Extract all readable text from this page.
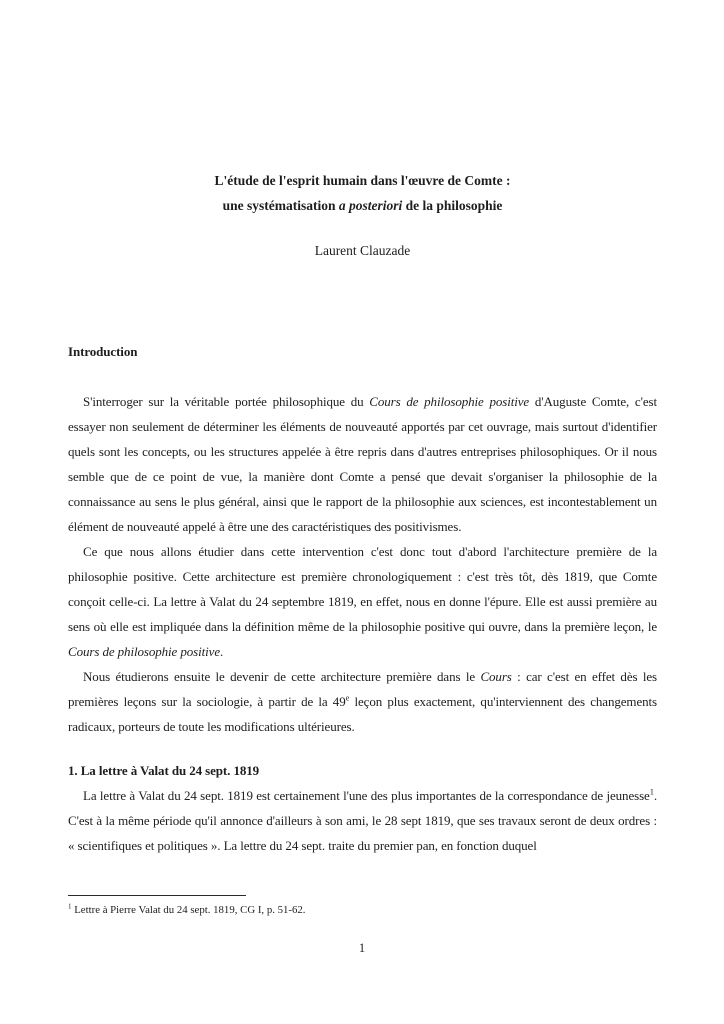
L'étude de l'esprit humain dans l'œuvre de Comte :
une systématisation a posteriori de la philosophie
Laurent Clauzade
Introduction

S'interroger sur la véritable portée philosophique du Cours de philosophie positive d'Auguste Comte, c'est essayer non seulement de déterminer les éléments de nouveauté apportés par cet ouvrage, mais surtout d'identifier quels sont les concepts, ou les structures appelée à être repris dans d'autres entreprises philosophiques. Or il nous semble que de ce point de vue, la manière dont Comte a pensé que devait s'organiser la philosophie de la connaissance au sens le plus général, ainsi que le rapport de la philosophie aux sciences, est incontestablement un élément de nouveauté appelé à être une des caractéristiques des positivismes.

Ce que nous allons étudier dans cette intervention c'est donc tout d'abord l'architecture première de la philosophie positive. Cette architecture est première chronologiquement : c'est très tôt, dès 1819, que Comte conçoit celle-ci. La lettre à Valat du 24 septembre 1819, en effet, nous en donne l'épure. Elle est aussi première au sens où elle est impliquée dans la définition même de la philosophie positive qui ouvre, dans la première leçon, le Cours de philosophie positive.

Nous étudierons ensuite le devenir de cette architecture première dans le Cours : car c'est en effet dès les premières leçons sur la sociologie, à partir de la 49e leçon plus exactement, qu'interviennent des changements radicaux, porteurs de toute les modifications ultérieures.

1. La lettre à Valat du 24 sept. 1819

La lettre à Valat du 24 sept. 1819 est certainement l'une des plus importantes de la correspondance de jeunesse$^1$. C'est à la même période qu'il annonce d'ailleurs à son ami, le 28 sept 1819, que ses travaux seront de deux ordres : « scientifiques et politiques ». La lettre du 24 sept. traite du premier pan, en fonction duquel

$^1$ Lettre à Pierre Valat du 24 sept. 1819, CG I, p. 51-62.
1
